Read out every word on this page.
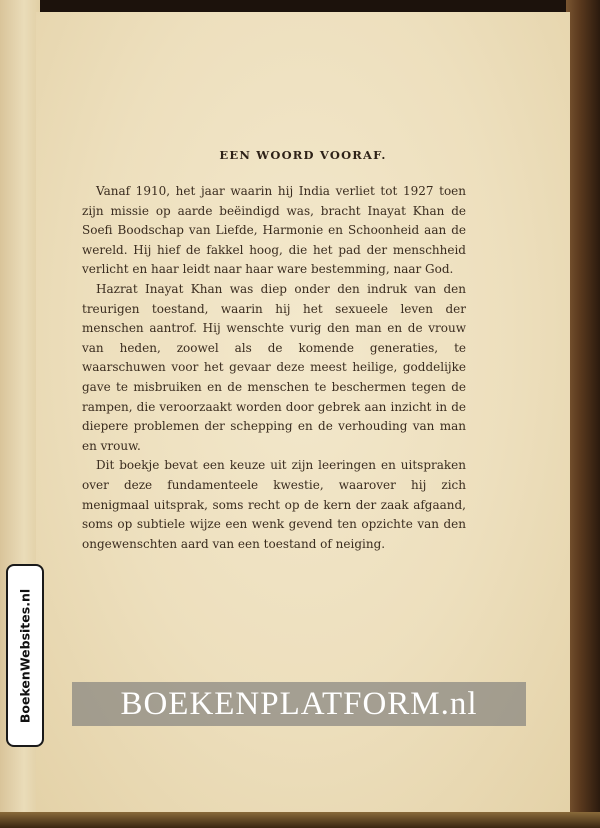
EEN WOORD VOORAF.

Vanaf 1910, het jaar waarin hij India verliet tot 1927 toen zijn missie op aarde beëindigd was, bracht Inayat Khan de Soefi Boodschap van Liefde, Harmonie en Schoonheid aan de wereld. Hij hief de fakkel hoog, die het pad der menschheid verlicht en haar leidt naar haar ware bestemming, naar God.

Hazrat Inayat Khan was diep onder den indruk van den treurigen toestand, waarin hij het sexueele leven der menschen aantrof. Hij wenschte vurig den man en de vrouw van heden, zoowel als de komende generaties, te waarschuwen voor het gevaar deze meest heilige, goddelijke gave te misbruiken en de menschen te beschermen tegen de rampen, die veroorzaakt worden door gebrek aan inzicht in de diepere problemen der schepping en de verhouding van man en vrouw.

Dit boekje bevat een keuze uit zijn leeringen en uitspraken over deze fundamenteele kwestie, waarover hij zich menigmaal uitsprak, soms recht op de kern der zaak afgaand, soms op subtiele wijze een wenk gevend ten opzichte van den ongewenschten aard van een toestand of neiging.

BoekenWebsites.nl	BOEKENPLATFORM.nl
